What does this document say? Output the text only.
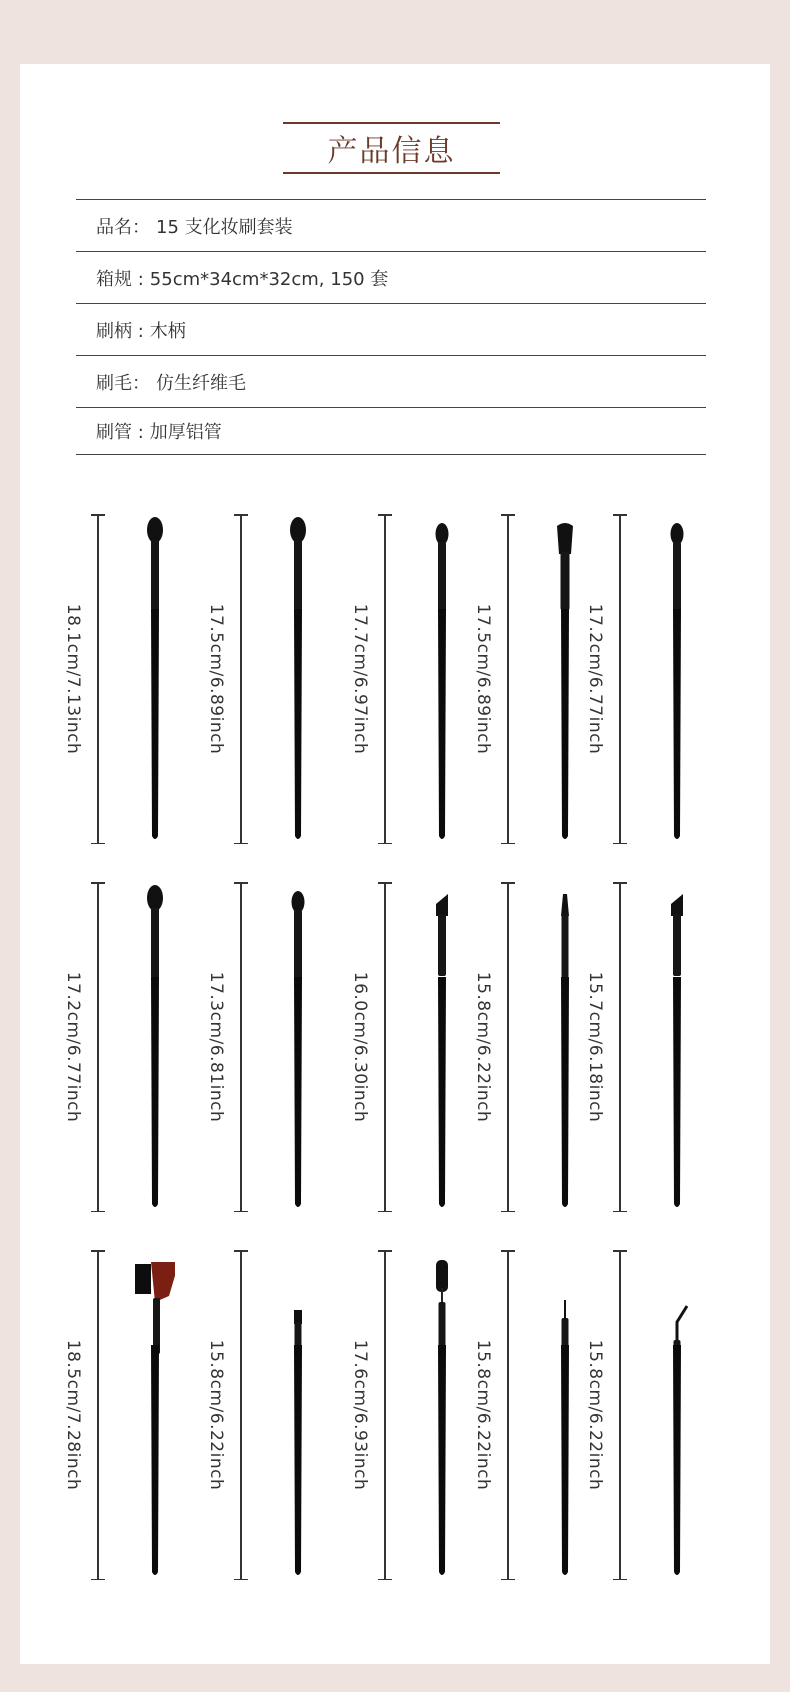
产品信息
品名： 15 支化妆刷套装
箱规 : 55cm*34cm*32cm, 150 套
刷柄 : 木柄
刷毛： 仿生纤维毛
刷管 : 加厚铝管
18.1cm/7.13inch	17.5cm/6.89inch	17.7cm/6.97inch	17.5cm/6.89inch	17.2cm/6.77inch
17.2cm/6.77inch	17.3cm/6.81inch	16.0cm/6.30inch	15.8cm/6.22inch	15.7cm/6.18inch
18.5cm/7.28inch	15.8cm/6.22inch	17.6cm/6.93inch	15.8cm/6.22inch	15.8cm/6.22inch
